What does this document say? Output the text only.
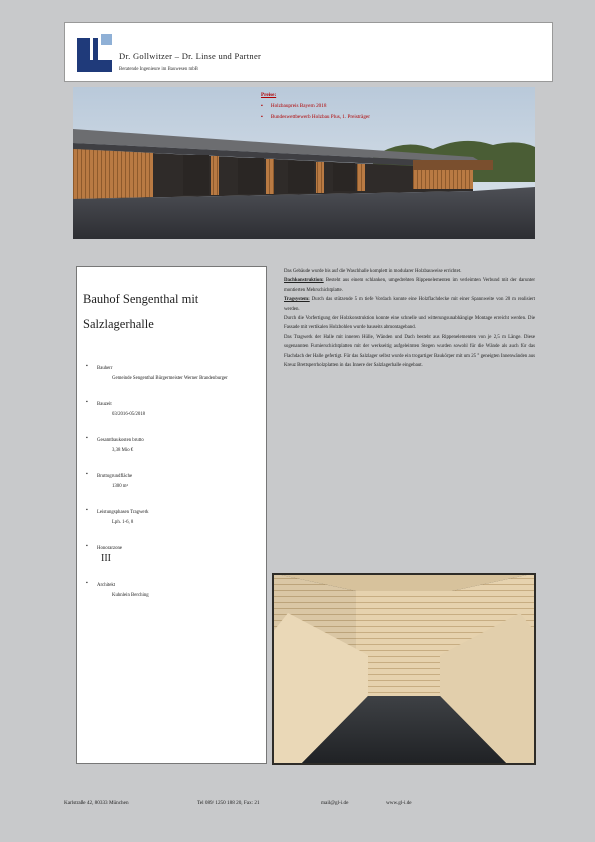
Dr. Gollwitzer – Dr. Linse und Partner
Beratende Ingenieure im Bauwesen mbB
Preise:
▪ Holzbaupreis Bayern 2018
▪ Bundeswettbewerb Holzbau Plus, 1. Preisträger
Bauhof Sengenthal mit Salzlagerhalle
▪ Bauherr
Gemeinde Sengenthal Bürgermeister Werner Brandenburger
▪ Bauzeit
03/2016-05/2018
▪ Gesamtbaukosten brutto
3,38 Mio €
▪ Bruttogrundfläche
1300 m²
▪ Leistungsphasen Tragwerk
Lph. 1-6, 8
▪ Honorarzone
III
▪ Architekt
Kuhnlein Berching
Das Gebäude wurde bis auf die Waschhalle komplett in modularer Holzbauweise errichtet.
Dachkonstruktion: Besteht aus einem schlanken, umgedrehten Rippenelementen im verleimten Verbund mit der darunter montierten Mehrschichtplatte.
Tragsystem: Durch das stützende 5 m tiefe Vordach konnte eine Holzflachdecke mit einer Spannweite von 20 m realisiert werden.
Durch die Vorfertigung der Holzkonstruktion konnte eine schnelle und witterungsunabhängige Montage erreicht werden. Die Fassade mit vertikalen Holzbohlen wurde bauseits abmontageband.
Das Tragwerk der Halle mit inneren Hülle, Wänden und Dach besteht aus Rippenelementen von je 2,5 m Länge. Diese sogenannten Furnierschichtplatten mit der werkseitig aufgeleimten Stegen wurden sowohl für die Wände als auch für das Flachdach der Halle gefertigt. Für das Salzlager selbst wurde ein trogartiger Baukörper mit um 25 ° geneigten Innenwänden aus Kreuz Brettsperrholzplatten in das Innere der Salzlagerhalle eingebaut.
Karlstraße 42, 80333 München	Tel 089/ 1250 188 20, Fax: 21	mail@gl-i.de	www.gl-i.de
